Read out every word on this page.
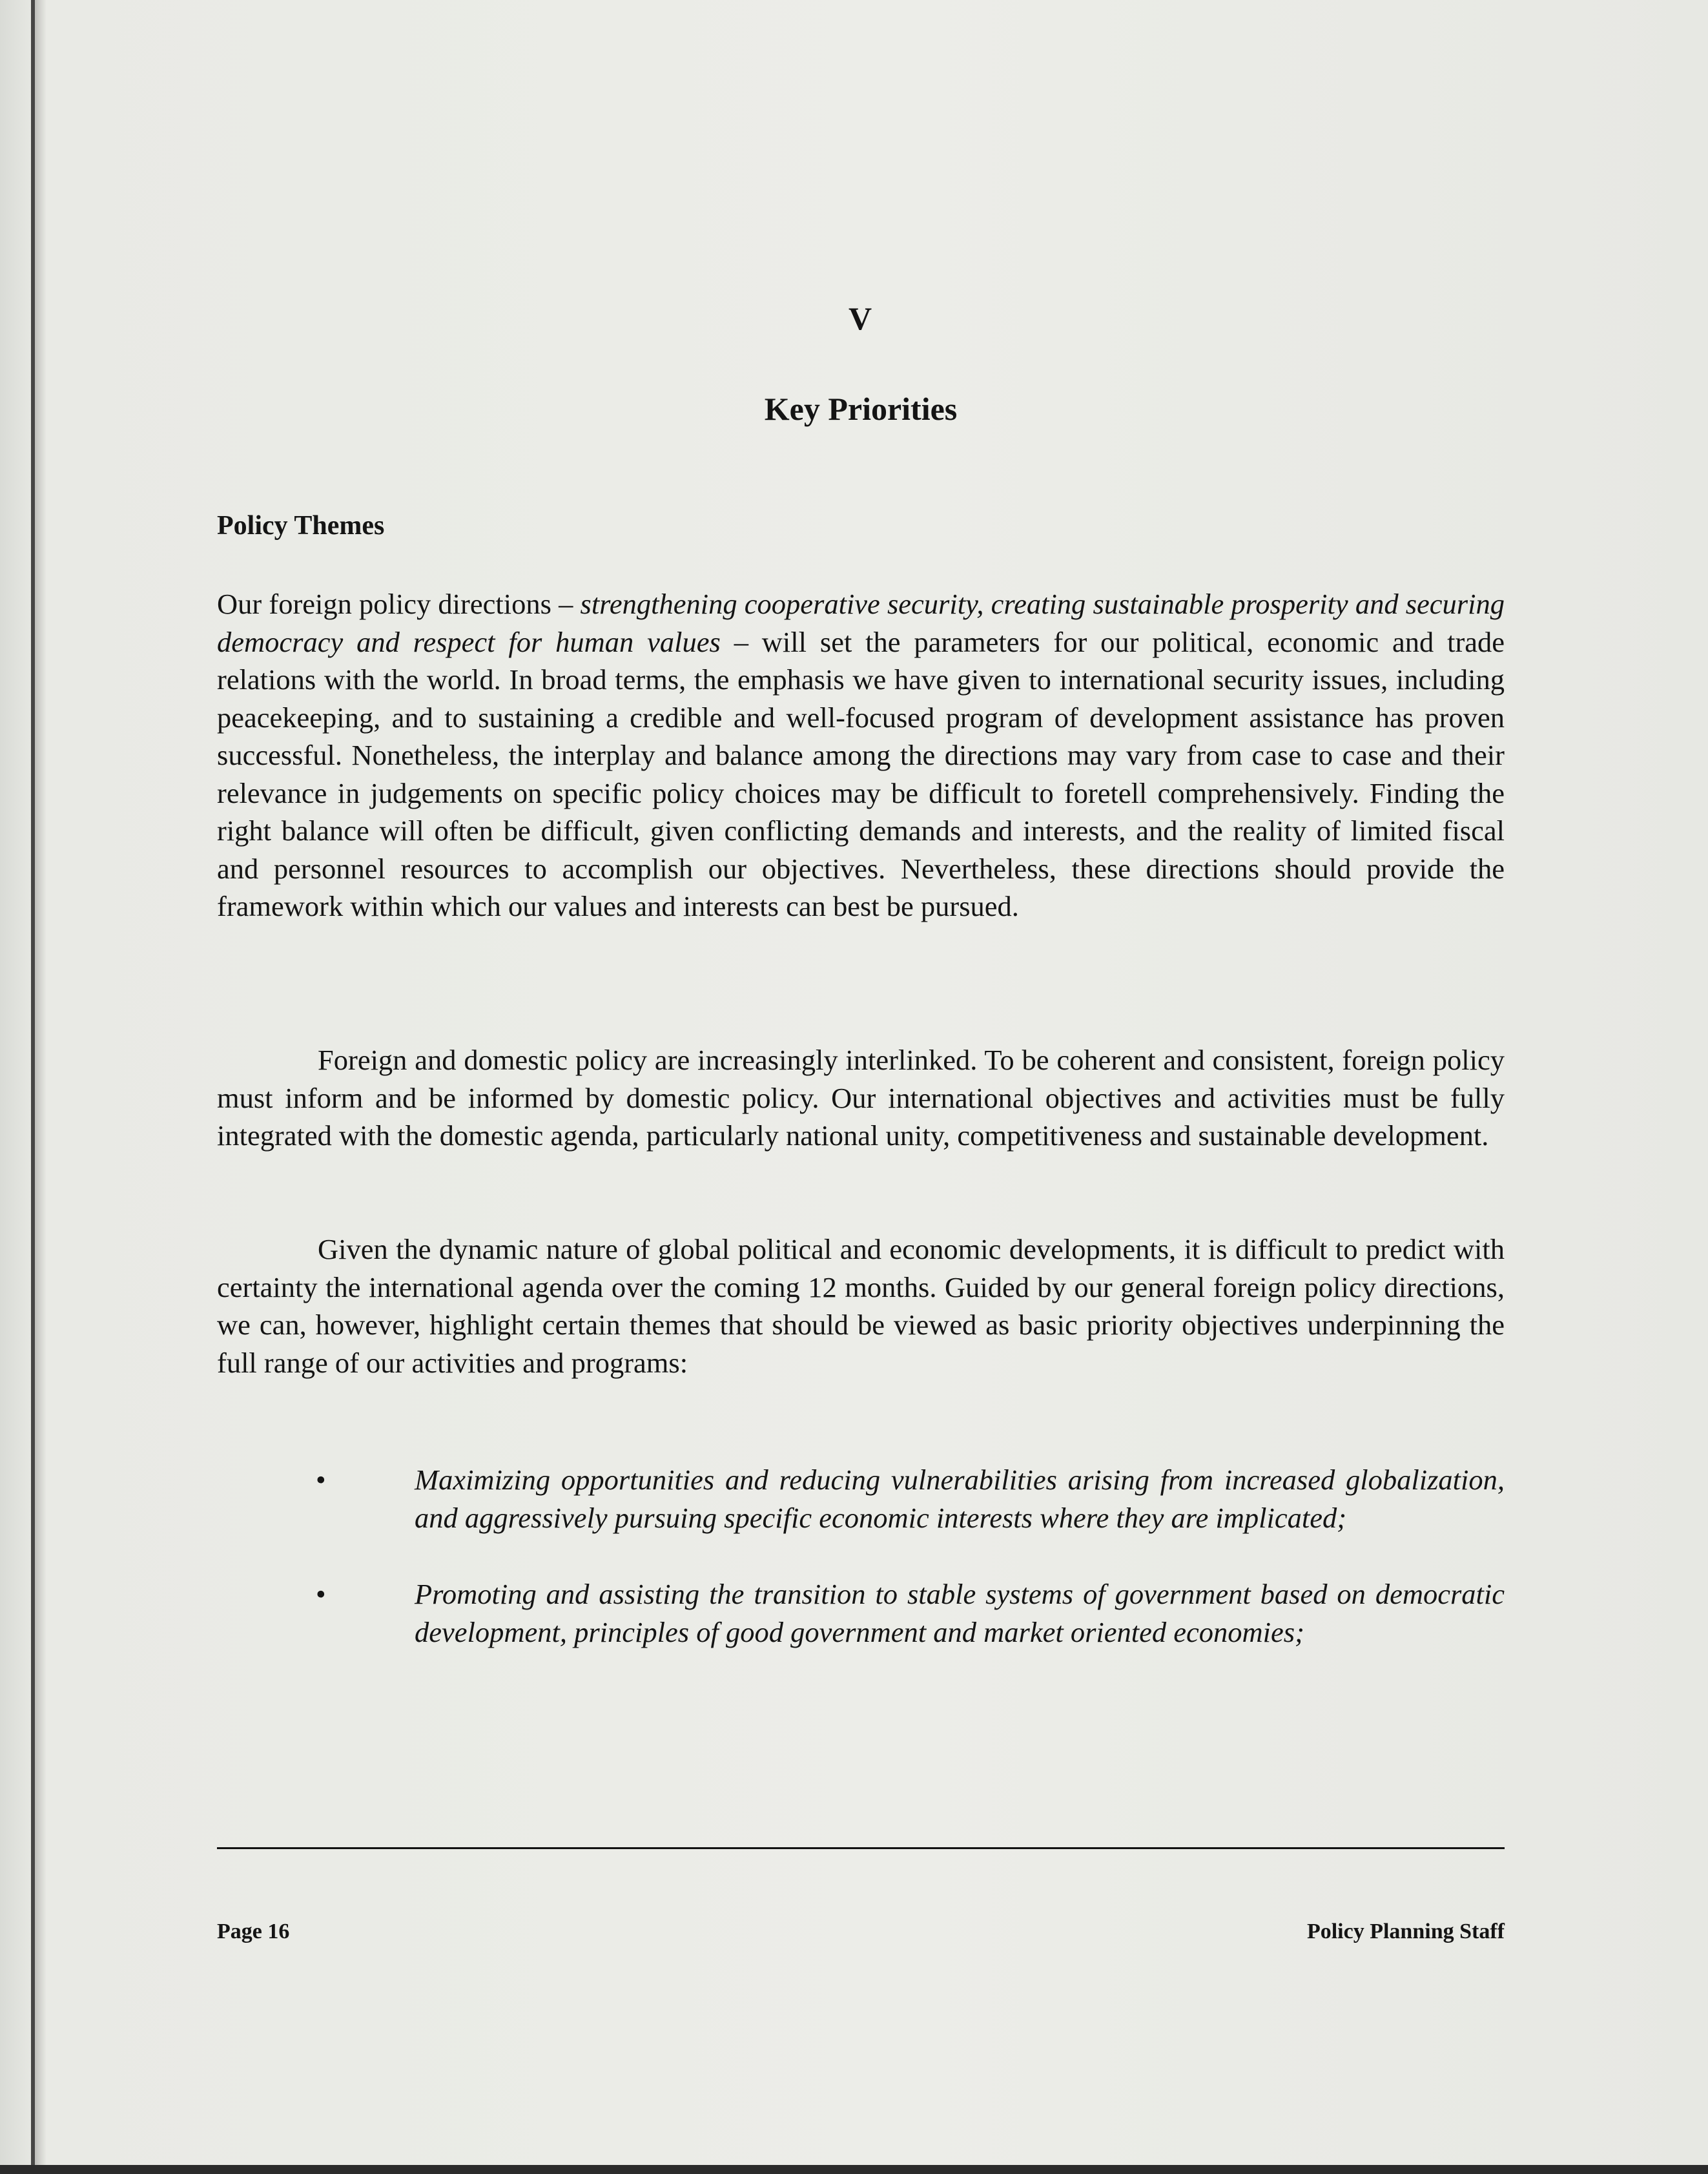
V
Key Priorities
Policy Themes

Our foreign policy directions – strengthening cooperative security, creating sustainable prosperity and securing democracy and respect for human values – will set the parameters for our political, economic and trade relations with the world. In broad terms, the emphasis we have given to international security issues, including peacekeeping, and to sustaining a credible and well-focused program of development assistance has proven successful. Nonetheless, the interplay and balance among the directions may vary from case to case and their relevance in judgements on specific policy choices may be difficult to foretell comprehensively. Finding the right balance will often be difficult, given conflicting demands and interests, and the reality of limited fiscal and personnel resources to accomplish our objectives. Nevertheless, these directions should provide the framework within which our values and interests can best be pursued.

Foreign and domestic policy are increasingly interlinked. To be coherent and consistent, foreign policy must inform and be informed by domestic policy. Our international objectives and activities must be fully integrated with the domestic agenda, particularly national unity, competitiveness and sustainable development.

Given the dynamic nature of global political and economic developments, it is difficult to predict with certainty the international agenda over the coming 12 months. Guided by our general foreign policy directions, we can, however, highlight certain themes that should be viewed as basic priority objectives underpinning the full range of our activities and programs:

•	Maximizing opportunities and reducing vulnerabilities arising from increased globalization, and aggressively pursuing specific economic interests where they are implicated;
•	Promoting and assisting the transition to stable systems of government based on democratic development, principles of good government and market oriented economies;
Page 16	Policy Planning Staff
